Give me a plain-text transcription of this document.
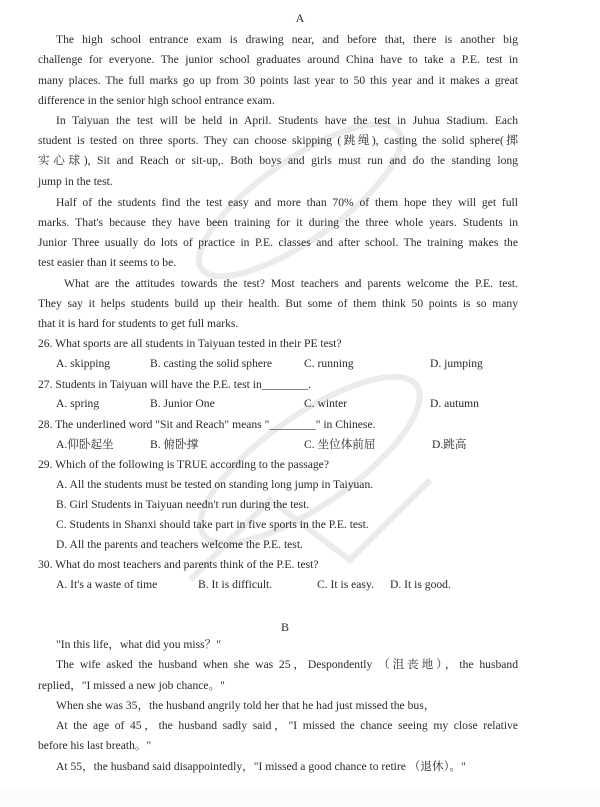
A
The high school entrance exam is drawing near, and before that, there is another big
challenge for everyone. The junior school graduates around China have to take a P.E. test in
many places. The full marks go up from 30 points last year to 50 this year and it makes a great
difference in the senior high school entrance exam.
In Taiyuan the test will be held in April. Students have the test in Juhua Stadium. Each
student is tested on three sports. They can choose skipping (跳绳), casting the solid sphere(掷
实心球), Sit and Reach or sit-up,. Both boys and girls must run and do the standing long
jump in the test.
Half of the students find the test easy and more than 70% of them hope they will get full
marks. That's because they have been training for it during the three whole years. Students in
Junior Three usually do lots of practice in P.E. classes and after school. The training makes the
test easier than it seems to be.
What are the attitudes towards the test? Most teachers and parents welcome the P.E. test.
They say it helps students build up their health. But some of them think 50 points is so many
that it is hard for students to get full marks.
26. What sports are all students in Taiyuan tested in their PE test?
A. skipping	B. casting the solid sphere	C. running	D. jumping
27. Students in Taiyuan will have the P.E. test in________.
A. spring	B. Junior One	C. winter	D. autumn
28. The underlined word "Sit and Reach" means "________" in Chinese.
A.仰卧起坐	B. 俯卧撑	C. 坐位体前屈	D.跳高
29. Which of the following is TRUE according to the passage?
A. All the students must be tested on standing long jump in Taiyuan.
B. Girl Students in Taiyuan needn't run during the test.
C. Students in Shanxi should take part in five sports in the P.E. test.
D. All the parents and teachers welcome the P.E. test.
30. What do most teachers and parents think of the P.E. test?
A. It's a waste of time	B. It is difficult.	C. It is easy. D. It is good.
B
"In this life，what did you miss？"
The wife asked the husband when she was 25，Despondently （沮丧地），the husband
replied，"I missed a new job chance。"
When she was 35，the husband angrily told her that he had just missed the bus，
At the age of 45，the husband sadly said，"I missed the chance seeing my close relative
before his last breath。"
At 55，the husband said disappointedly，"I missed a good chance to retire （退休）。"
